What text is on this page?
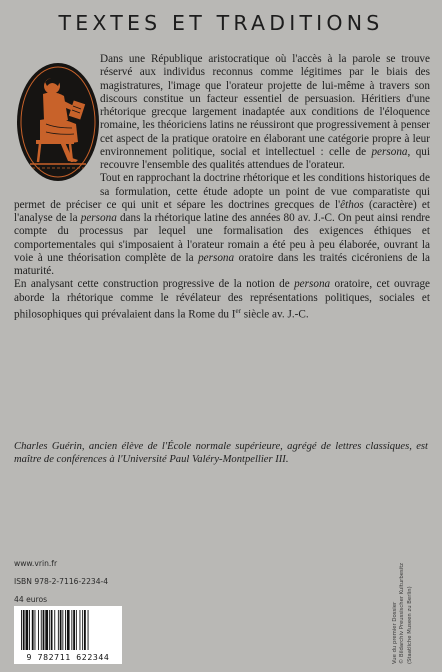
TEXTES ET TRADITIONS

Dans une République aristocratique où l'accès à la parole se trouve réservé aux individus reconnus comme légitimes par le biais des magistratures, l'image que l'orateur projette de lui-même à travers son discours constitue un facteur essentiel de persuasion. Héritiers d'une rhétorique grecque largement inadaptée aux conditions de l'éloquence romaine, les théoriciens latins ne réussiront que progressivement à penser cet aspect de la pratique oratoire en élaborant une catégorie propre à leur environnement politique, social et intellectuel : celle de persona, qui recouvre l'ensemble des qualités attendues de l'orateur.

Tout en rapprochant la doctrine rhétorique et les conditions historiques de sa formulation, cette étude adopte un point de vue comparatiste qui permet de préciser ce qui unit et sépare les doctrines grecques de l'êthos (caractère) et l'analyse de la persona dans la rhétorique latine des années 80 av. J.-C. On peut ainsi rendre compte du processus par lequel une formalisation des exigences éthiques et comportementales qui s'imposaient à l'orateur romain a été peu à peu élaborée, ouvrant la voie à une théorisation complète de la persona oratoire dans les traités cicéroniens de la maturité.

En analysant cette construction progressive de la notion de persona oratoire, cet ouvrage aborde la rhétorique comme le révélateur des représentations politiques, sociales et philosophiques qui prévalaient dans la Rome du Ier siècle av. J.-C.

Charles Guérin, ancien élève de l'École normale supérieure, agrégé de lettres classiques, est maître de conférences à l'Université Paul Valéry-Montpellier III.
www.vrin.fr
ISBN 978-2-7116-2234-4
44 euros
9 782711 622344	Vue du premier Dossier © Bildarchiv Preussischer Kulturbesitz (Staatliche Museen zu Berlin)
